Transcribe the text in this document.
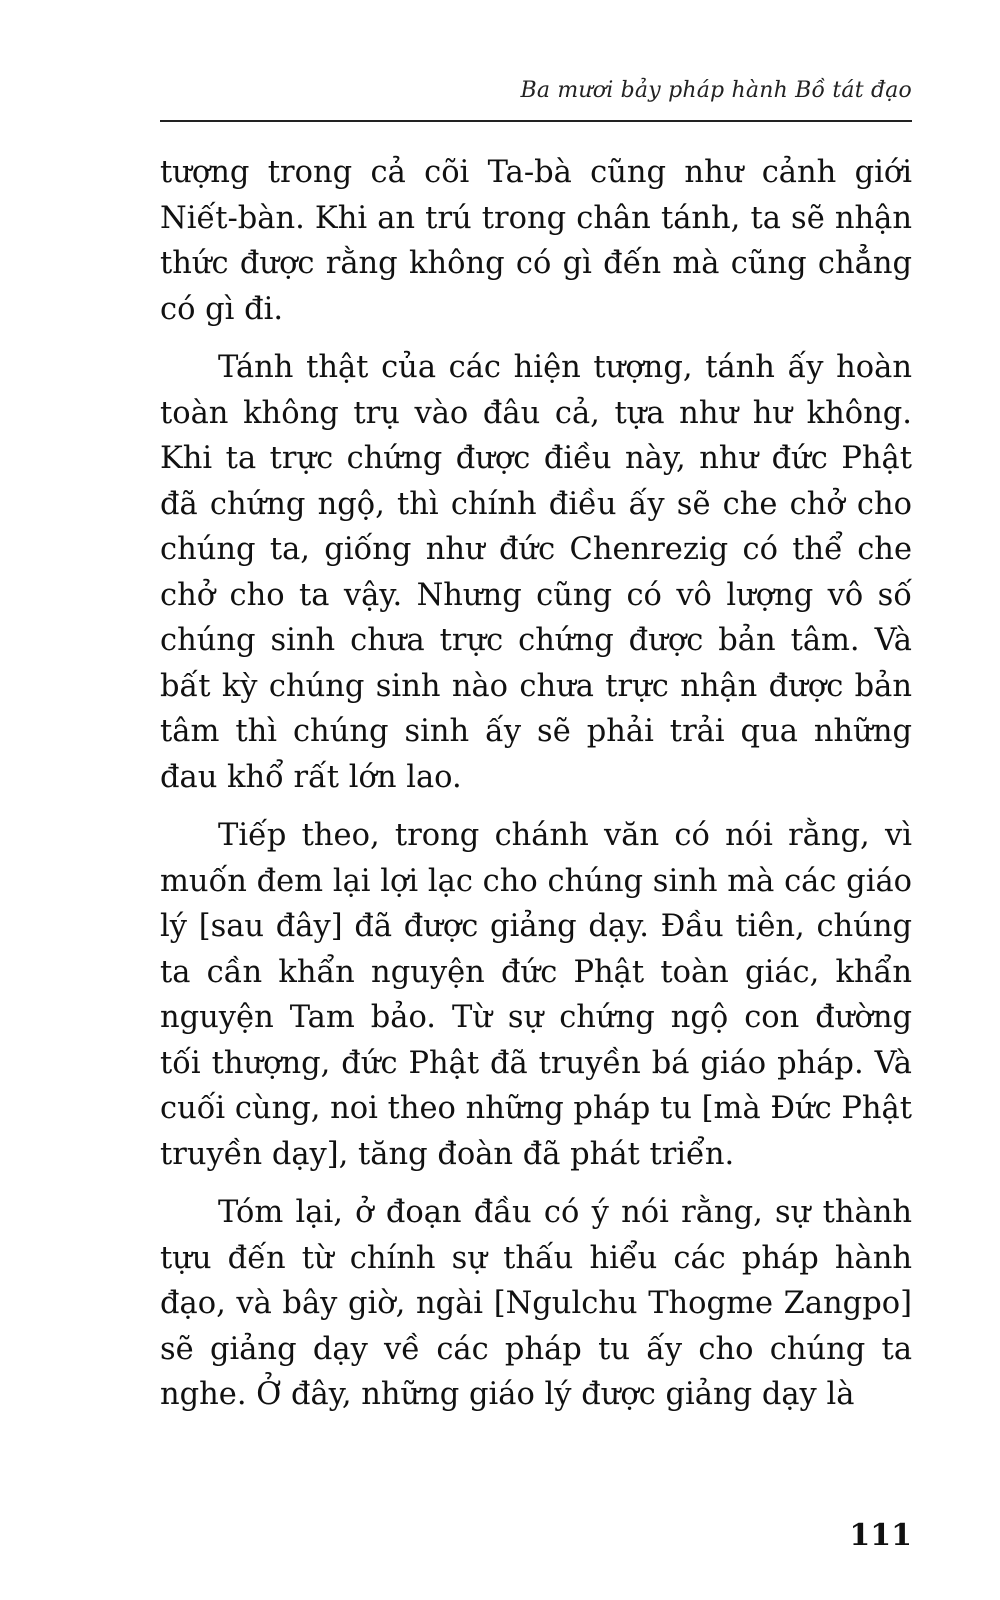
Ba mươi bảy pháp hành Bồ tát đạo

tượng trong cả cõi Ta-bà cũng như cảnh giới Niết-bàn. Khi an trú trong chân tánh, ta sẽ nhận thức được rằng không có gì đến mà cũng chẳng có gì đi.

Tánh thật của các hiện tượng, tánh ấy hoàn toàn không trụ vào đâu cả, tựa như hư không. Khi ta trực chứng được điều này, như đức Phật đã chứng ngộ, thì chính điều ấy sẽ che chở cho chúng ta, giống như đức Chenrezig có thể che chở cho ta vậy. Nhưng cũng có vô lượng vô số chúng sinh chưa trực chứng được bản tâm. Và bất kỳ chúng sinh nào chưa trực nhận được bản tâm thì chúng sinh ấy sẽ phải trải qua những đau khổ rất lớn lao.

Tiếp theo, trong chánh văn có nói rằng, vì muốn đem lại lợi lạc cho chúng sinh mà các giáo lý [sau đây] đã được giảng dạy. Đầu tiên, chúng ta cần khẩn nguyện đức Phật toàn giác, khẩn nguyện Tam bảo. Từ sự chứng ngộ con đường tối thượng, đức Phật đã truyền bá giáo pháp. Và cuối cùng, noi theo những pháp tu [mà Đức Phật truyền dạy], tăng đoàn đã phát triển.

Tóm lại, ở đoạn đầu có ý nói rằng, sự thành tựu đến từ chính sự thấu hiểu các pháp hành đạo, và bây giờ, ngài [Ngulchu Thogme Zangpo] sẽ giảng dạy về các pháp tu ấy cho chúng ta nghe. Ở đây, những giáo lý được giảng dạy là

111
